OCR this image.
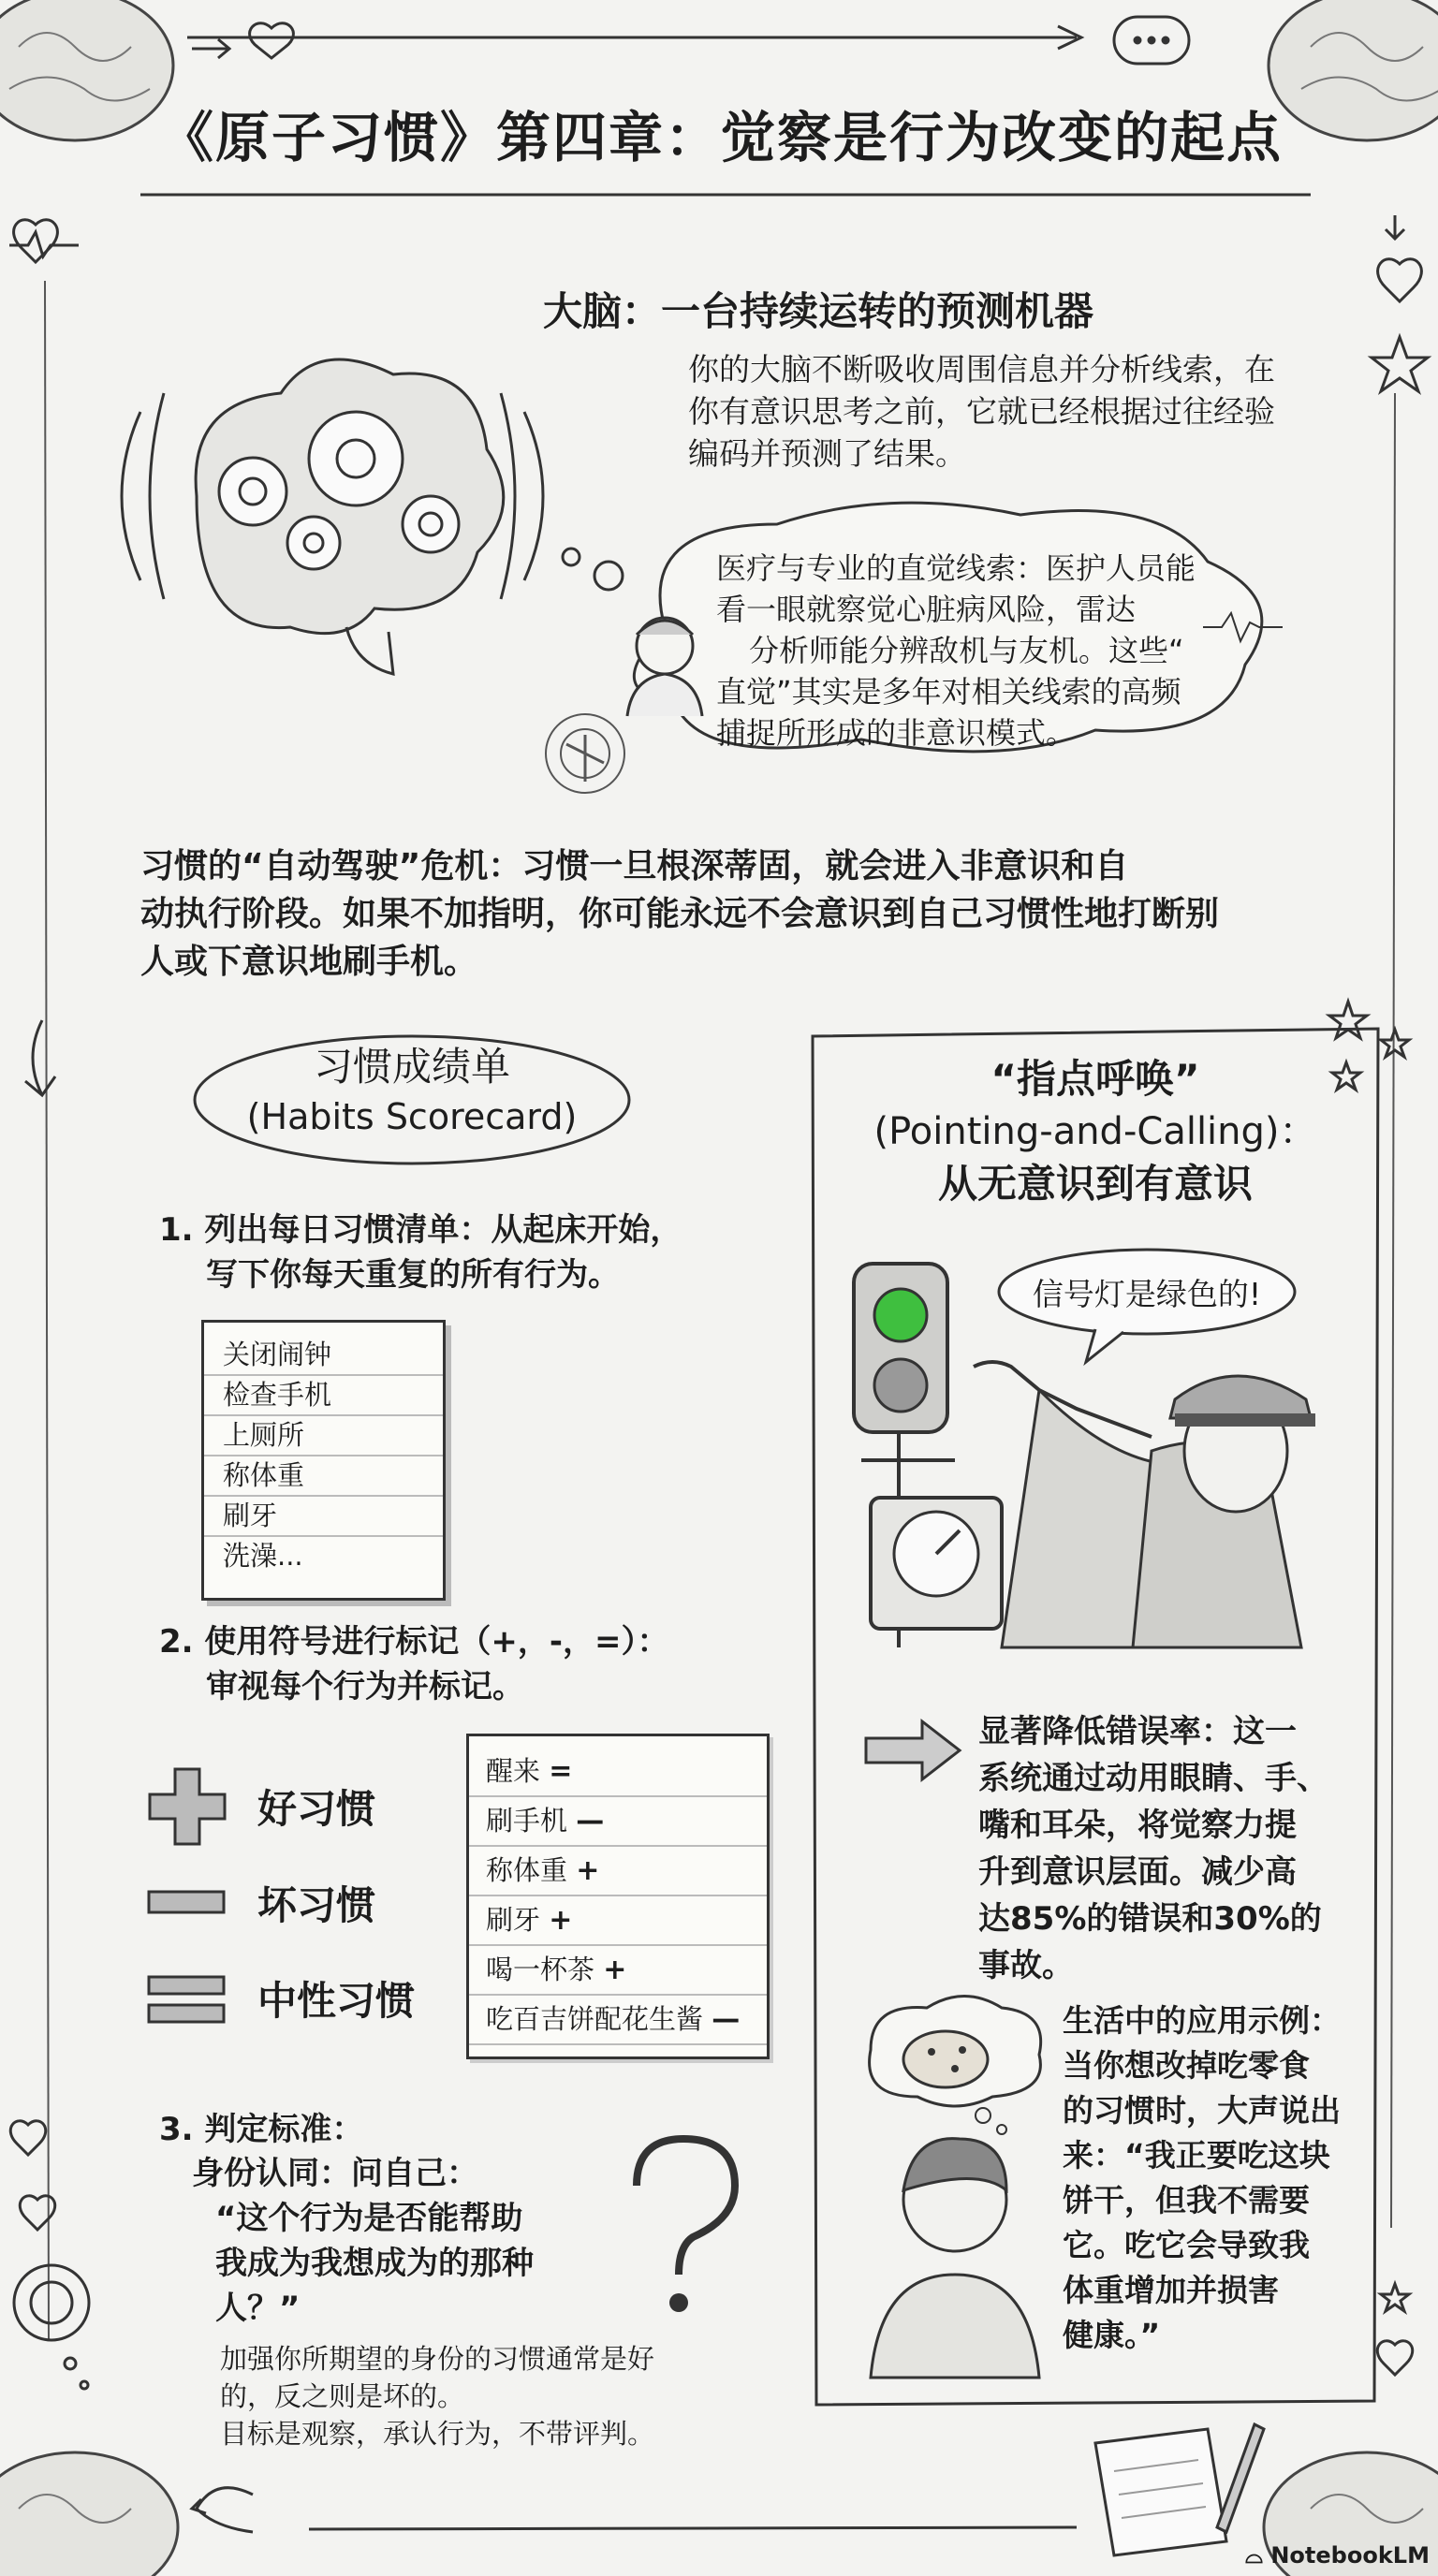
《原子习惯》第四章：觉察是行为改变的起点
大脑：一台持续运转的预测机器
你的大脑不断吸收周围信息并分析线索，在
你有意识思考之前，它就已经根据过往经验
编码并预测了结果。
医疗与专业的直觉线索：医护人员能
看一眼就察觉心脏病风险，雷达
分析师能分辨敌机与友机。这些“
直觉”其实是多年对相关线索的高频
捕捉所形成的非意识模式。
习惯的“自动驾驶”危机：习惯一旦根深蒂固，就会进入非意识和自
动执行阶段。如果不加指明，你可能永远不会意识到自己习惯性地打断别
人或下意识地刷手机。
习惯成绩单
(Habits Scorecard)
1. 列出每日习惯清单：从起床开始，
写下你每天重复的所有行为。
关闭闹钟
检查手机
上厕所
称体重
刷牙
洗澡...
2. 使用符号进行标记（+，-，=）：
审视每个行为并标记。
好习惯
坏习惯
中性习惯
醒来 =
刷手机 —
称体重 +
刷牙 +
喝一杯茶 +
吃百吉饼配花生酱 —
3. 判定标准：
身份认同：问自己：
“这个行为是否能帮助
我成为我想成为的那种
人？”
加强你所期望的身份的习惯通常是好
的，反之则是坏的。
目标是观察，承认行为，不带评判。
“指点呼唤”
(Pointing-and-Calling)：
从无意识到有意识
信号灯是绿色的!
显著降低错误率：这一
系统通过动用眼睛、手、
嘴和耳朵，将觉察力提
升到意识层面。减少高
达85%的错误和30%的
事故。
生活中的应用示例：
当你想改掉吃零食
的习惯时，大声说出
来：“我正要吃这块
饼干，但我不需要
它。吃它会导致我
体重增加并损害
健康。”
⌓ NotebookLM
